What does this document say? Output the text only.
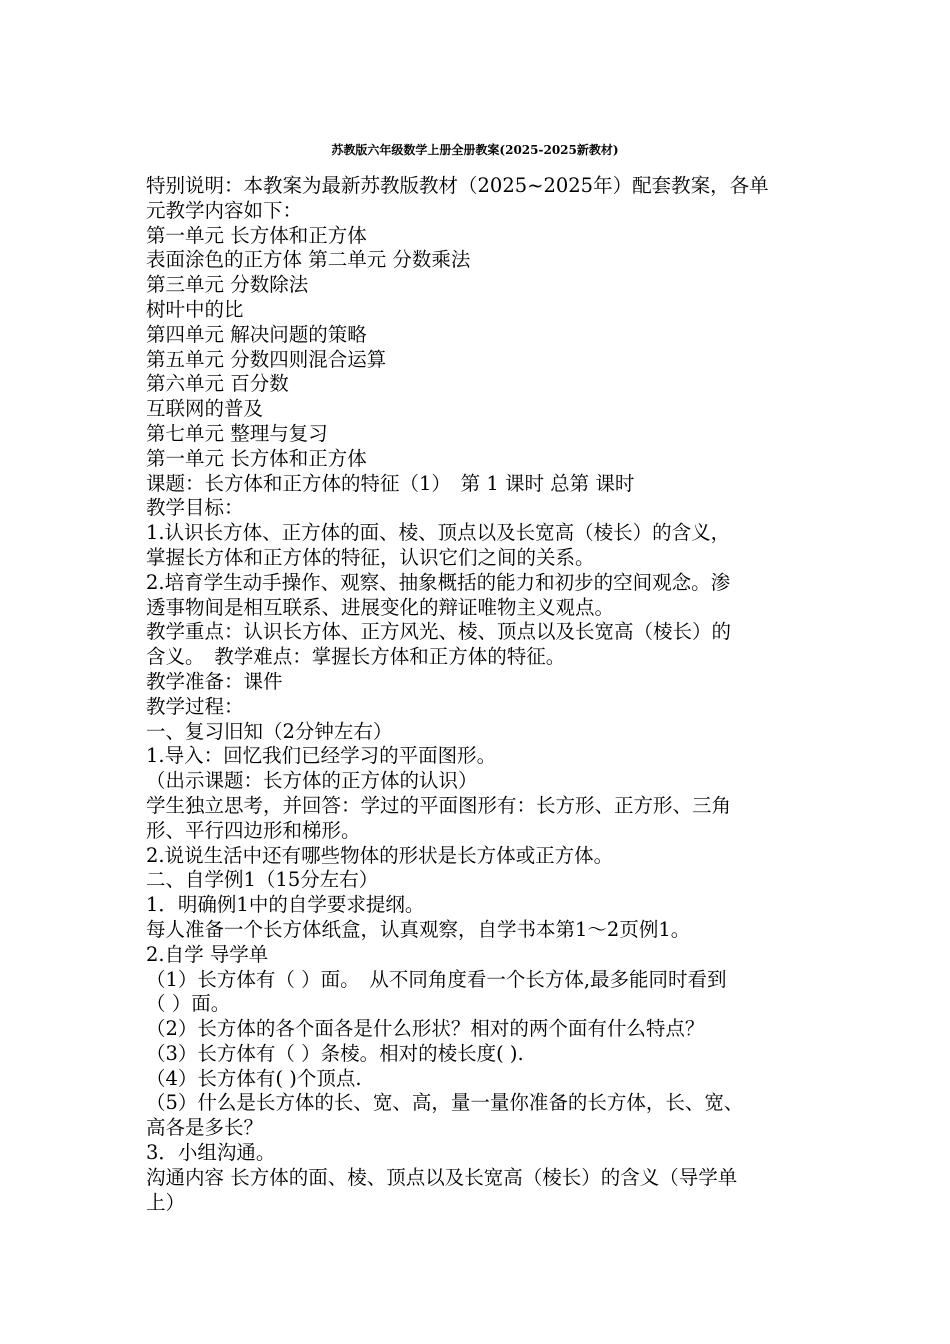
苏教版六年级数学上册全册教案(2025-2025新教材)
特别说明：本教案为最新苏教版教材（2025~2025年）配套教案，各单
元教学内容如下：
第一单元 长方体和正方体
表面涂色的正方体 第二单元 分数乘法
第三单元 分数除法
树叶中的比
第四单元 解决问题的策略
第五单元 分数四则混合运算
第六单元 百分数
互联网的普及
第七单元 整理与复习
第一单元 长方体和正方体
课题：长方体和正方体的特征（1）　第 1 课时 总第 课时
教学目标：
1.认识长方体、正方体的面、棱、顶点以及长宽高（棱长）的含义，
掌握长方体和正方体的特征，认识它们之间的关系。
2.培育学生动手操作、观察、抽象概括的能力和初步的空间观念。渗
透事物间是相互联系、进展变化的辩证唯物主义观点。
教学重点：认识长方体、正方风光、棱、顶点以及长宽高（棱长）的
含义。　教学难点：掌握长方体和正方体的特征。
教学准备：课件
教学过程：
一、复习旧知（2分钟左右）
1.导入：回忆我们已经学习的平面图形。
（出示课题：长方体的正方体的认识）
学生独立思考，并回答：学过的平面图形有：长方形、正方形、三角
形、平行四边形和梯形。
2.说说生活中还有哪些物体的形状是长方体或正方体。
二、自学例1（15分左右）
1．明确例1中的自学要求提纲。
每人准备一个长方体纸盒，认真观察，自学书本第1～2页例1。
2.自学 导学单
（1）长方体有（ ）面。　从不同角度看一个长方体,最多能同时看到
（ ）面。
（2）长方体的各个面各是什么形状？相对的两个面有什么特点？
（3）长方体有（ ）条棱。相对的棱长度( ).
（4）长方体有( )个顶点.
（5）什么是长方体的长、宽、高，量一量你准备的长方体，长、宽、
高各是多长？
3．小组沟通。
沟通内容 长方体的面、棱、顶点以及长宽高（棱长）的含义（导学单
上）
